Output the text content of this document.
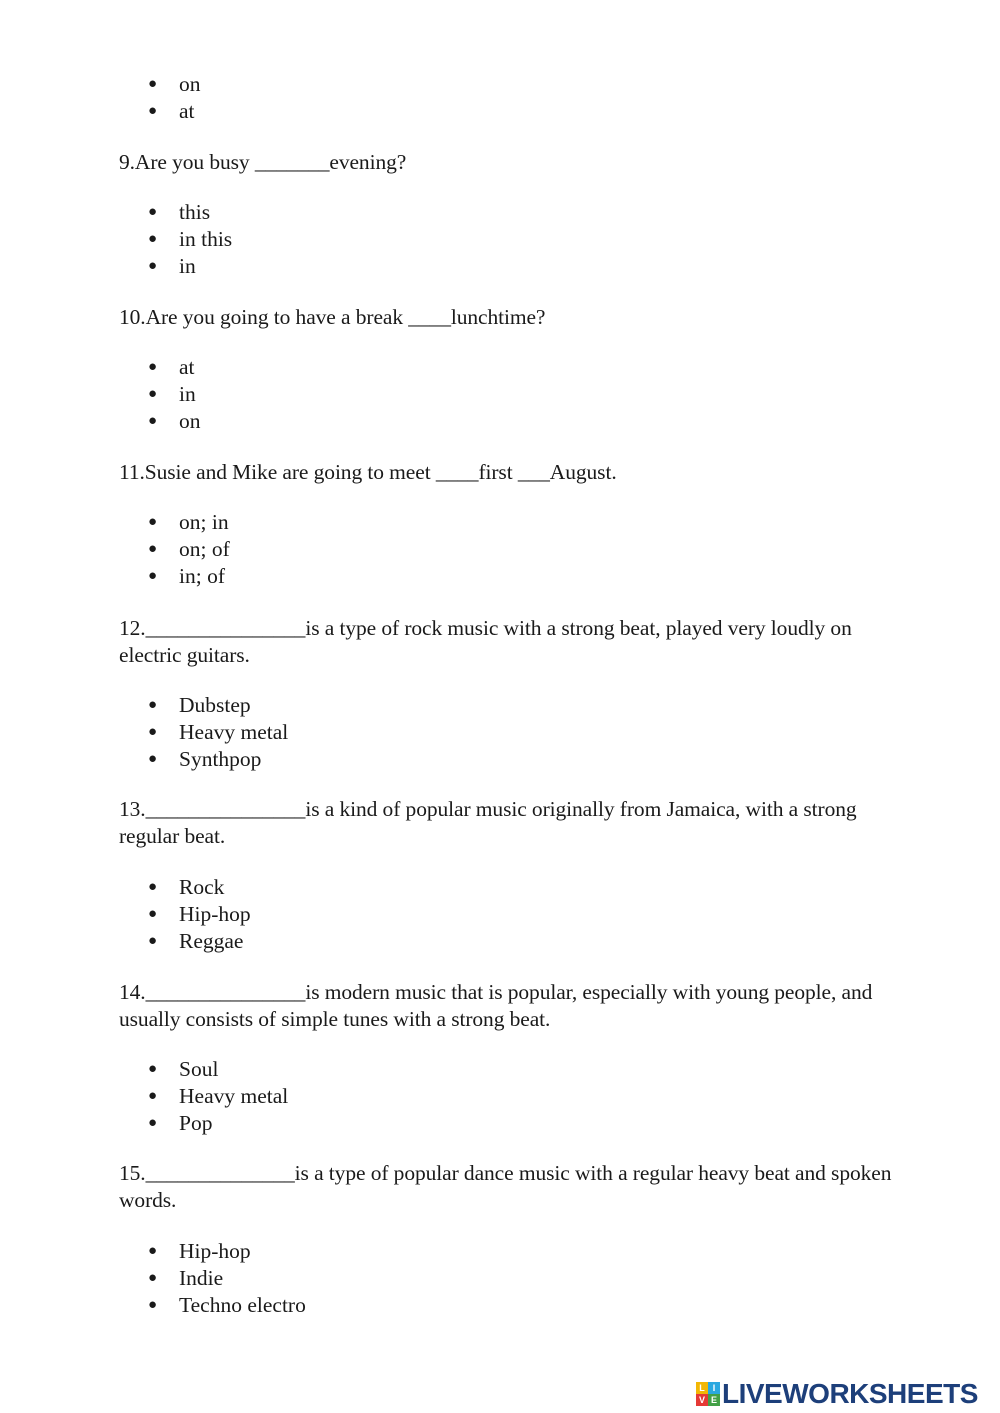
● on
● at

9.Are you busy _______evening?

● this
● in this
● in

10.Are you going to have a break ____lunchtime?

● at
● in
● on

11.Susie and Mike are going to meet ____first ___August.

● on; in
● on; of
● in; of

12._______________is a type of rock music with a strong beat, played very loudly on electric guitars.

● Dubstep
● Heavy metal
● Synthpop

13._______________is a kind of popular music originally from Jamaica, with a strong regular beat.

● Rock
● Hip-hop
● Reggae

14._______________is modern music that is popular, especially with young people, and usually consists of simple tunes with a strong beat.

● Soul
● Heavy metal
● Pop

15.______________is a type of popular dance music with a regular heavy beat and spoken words.

● Hip-hop
● Indie
● Techno electro
L I
V E LIVEWORKSHEETS
